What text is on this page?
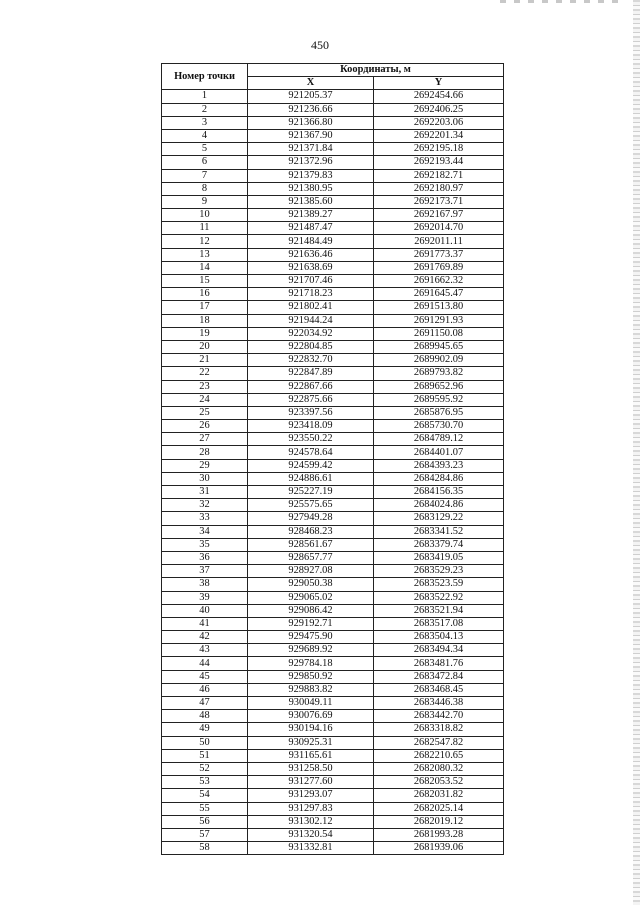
450
Номер точки	Координаты, м	
	X	Y
1	921205.37	2692454.66
2	921236.66	2692406.25
3	921366.80	2692203.06
4	921367.90	2692201.34
5	921371.84	2692195.18
6	921372.96	2692193.44
7	921379.83	2692182.71
8	921380.95	2692180.97
9	921385.60	2692173.71
10	921389.27	2692167.97
11	921487.47	2692014.70
12	921484.49	2692011.11
13	921636.46	2691773.37
14	921638.69	2691769.89
15	921707.46	2691662.32
16	921718.23	2691645.47
17	921802.41	2691513.80
18	921944.24	2691291.93
19	922034.92	2691150.08
20	922804.85	2689945.65
21	922832.70	2689902.09
22	922847.89	2689793.82
23	922867.66	2689652.96
24	922875.66	2689595.92
25	923397.56	2685876.95
26	923418.09	2685730.70
27	923550.22	2684789.12
28	924578.64	2684401.07
29	924599.42	2684393.23
30	924886.61	2684284.86
31	925227.19	2684156.35
32	925575.65	2684024.86
33	927949.28	2683129.22
34	928468.23	2683341.52
35	928561.67	2683379.74
36	928657.77	2683419.05
37	928927.08	2683529.23
38	929050.38	2683523.59
39	929065.02	2683522.92
40	929086.42	2683521.94
41	929192.71	2683517.08
42	929475.90	2683504.13
43	929689.92	2683494.34
44	929784.18	2683481.76
45	929850.92	2683472.84
46	929883.82	2683468.45
47	930049.11	2683446.38
48	930076.69	2683442.70
49	930194.16	2683318.82
50	930925.31	2682547.82
51	931165.61	2682210.65
52	931258.50	2682080.32
53	931277.60	2682053.52
54	931293.07	2682031.82
55	931297.83	2682025.14
56	931302.12	2682019.12
57	931320.54	2681993.28
58	931332.81	2681939.06
